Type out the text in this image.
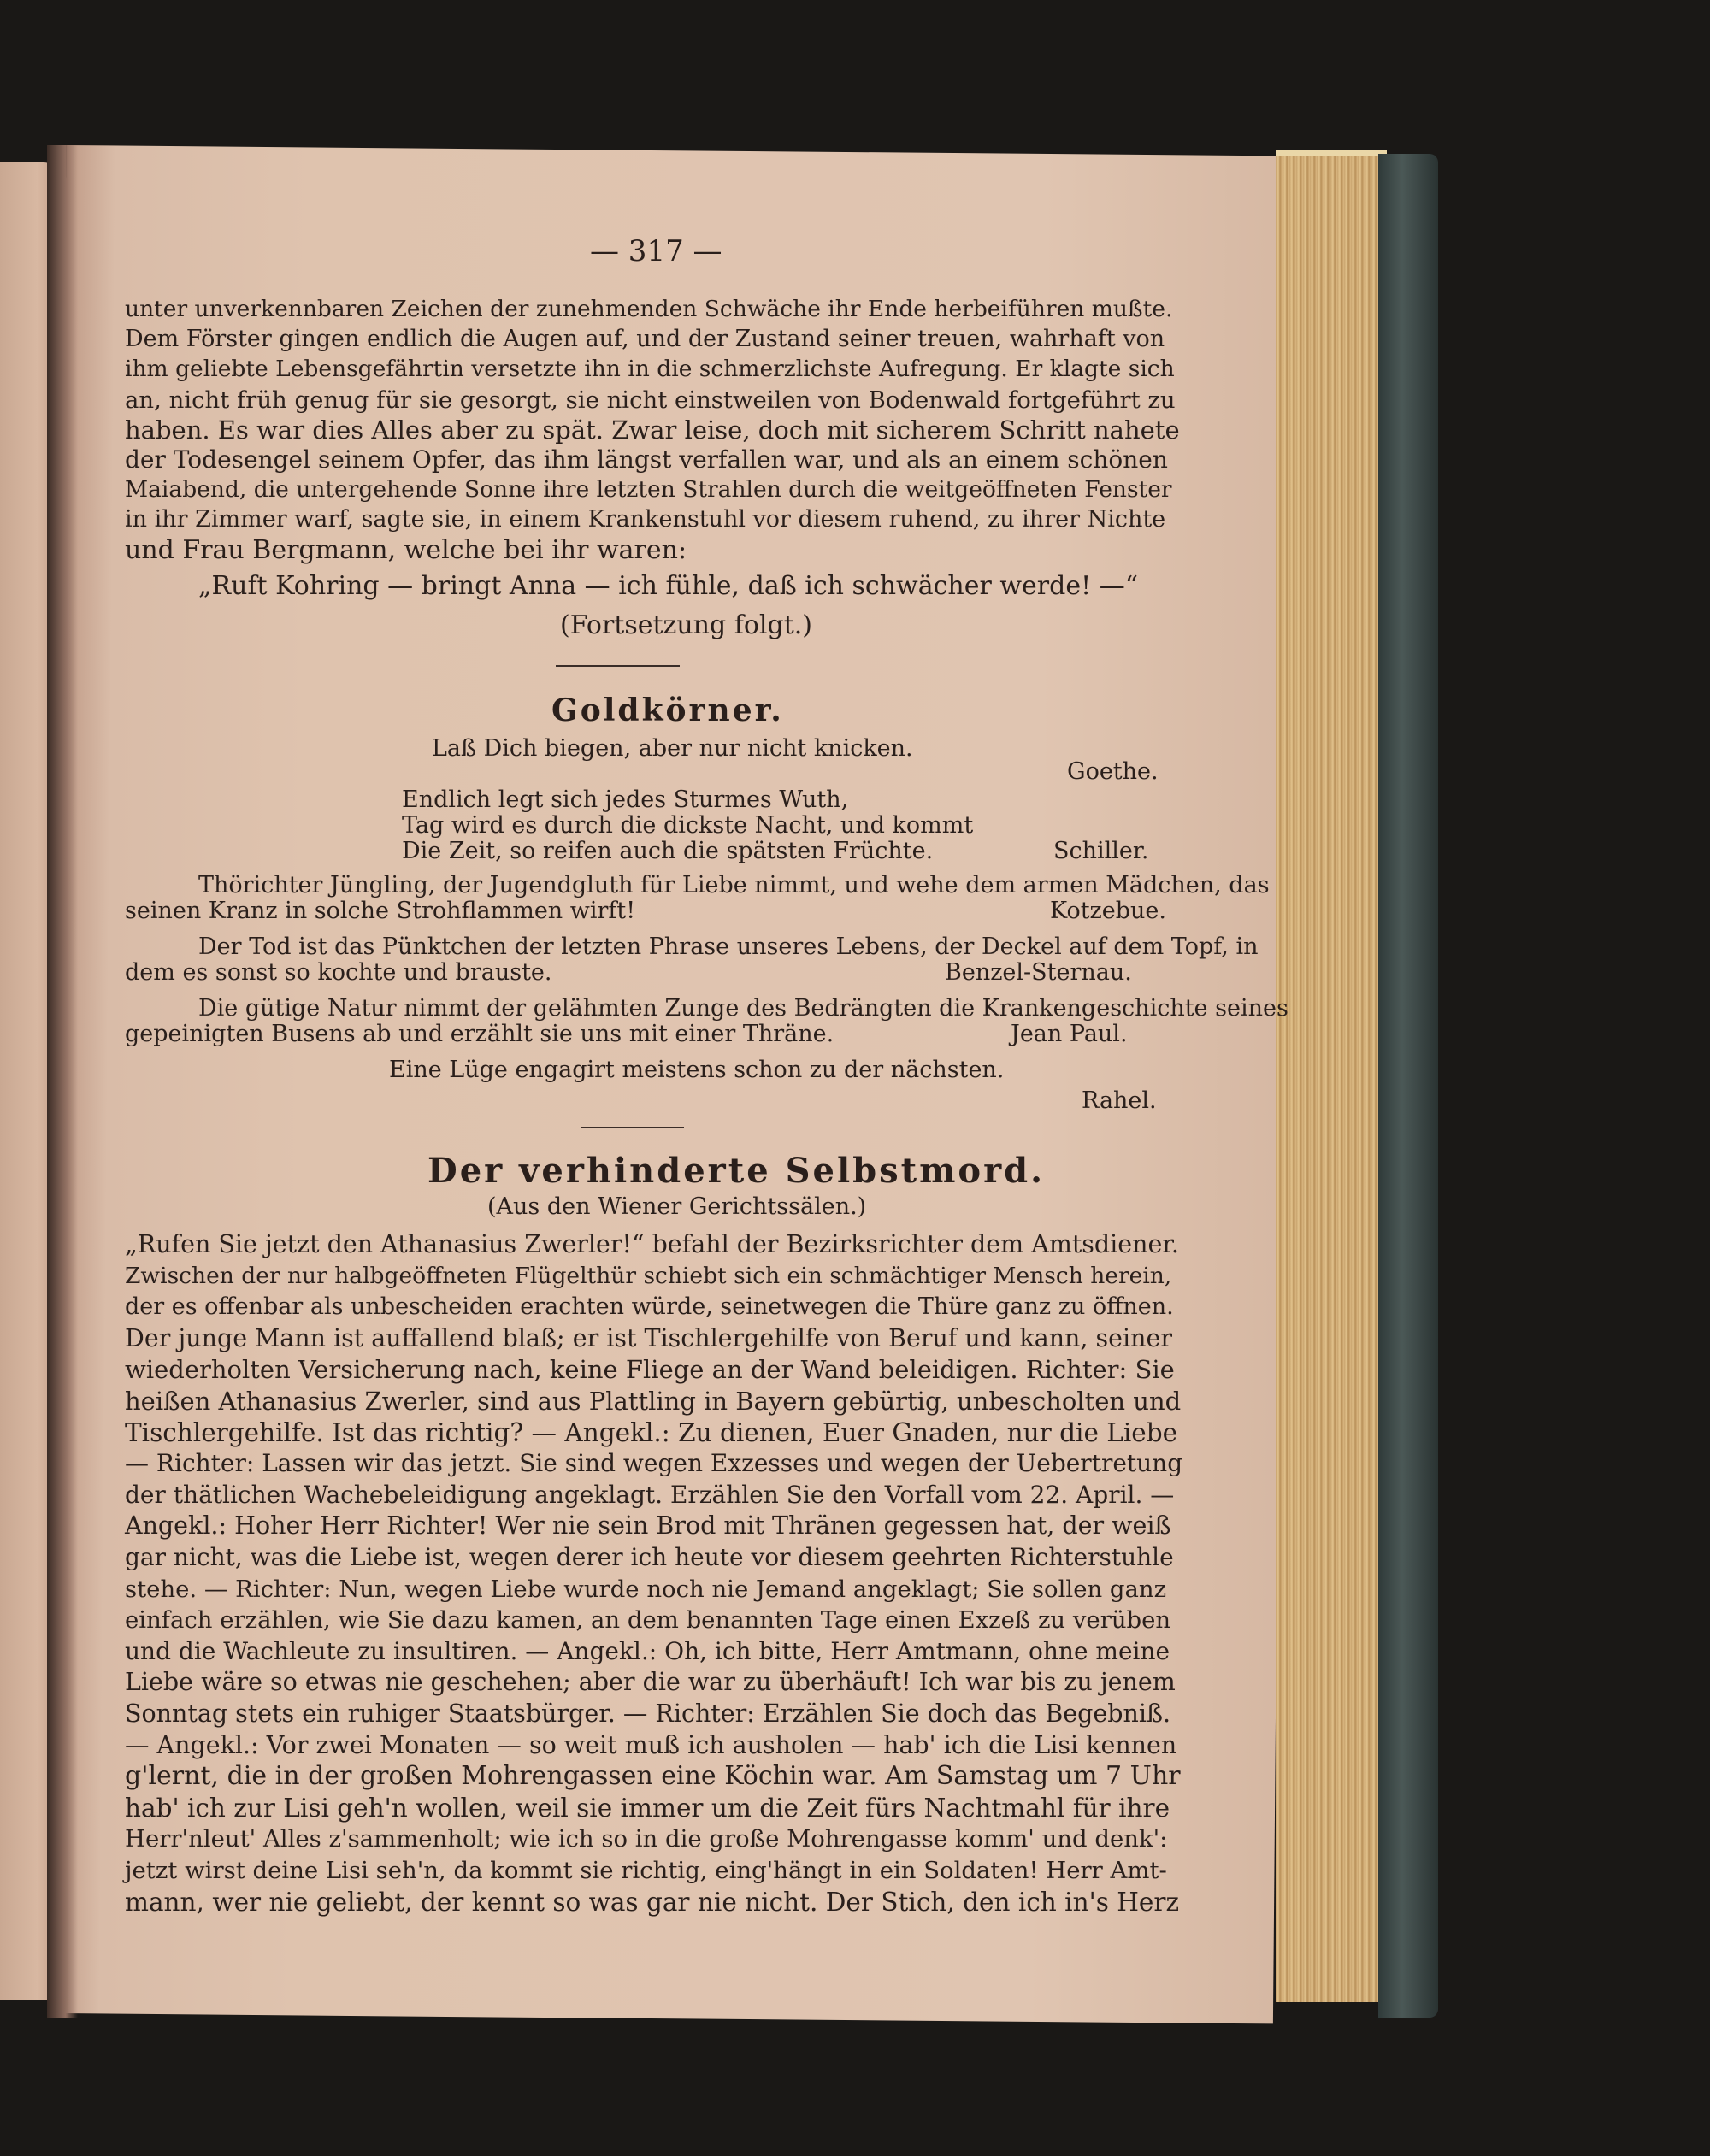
— 317 —
unter unverkennbaren Zeichen der zunehmenden Schwäche ihr Ende herbeiführen mußte.
Dem Förster gingen endlich die Augen auf, und der Zustand seiner treuen, wahrhaft von
ihm geliebte Lebensgefährtin versetzte ihn in die schmerzlichste Aufregung. Er klagte sich
an, nicht früh genug für sie gesorgt, sie nicht einstweilen von Bodenwald fortgeführt zu
haben. Es war dies Alles aber zu spät. Zwar leise, doch mit sicherem Schritt nahete
der Todesengel seinem Opfer, das ihm längst verfallen war, und als an einem schönen
Maiabend, die untergehende Sonne ihre letzten Strahlen durch die weitgeöffneten Fenster
in ihr Zimmer warf, sagte sie, in einem Krankenstuhl vor diesem ruhend, zu ihrer Nichte
und Frau Bergmann, welche bei ihr waren:
„Ruft Kohring — bringt Anna — ich fühle, daß ich schwächer werde! —“
(Fortsetzung folgt.)
Goldkörner.
Laß Dich biegen, aber nur nicht knicken.
Goethe.
Endlich legt sich jedes Sturmes Wuth,
Tag wird es durch die dickste Nacht, und kommt
Die Zeit, so reifen auch die spätsten Früchte.	Schiller.
Thörichter Jüngling, der Jugendgluth für Liebe nimmt, und wehe dem armen Mädchen, das
seinen Kranz in solche Strohflammen wirft!	Kotzebue.
Der Tod ist das Pünktchen der letzten Phrase unseres Lebens, der Deckel auf dem Topf, in
dem es sonst so kochte und brauste.	Benzel-Sternau.
Die gütige Natur nimmt der gelähmten Zunge des Bedrängten die Krankengeschichte seines
gepeinigten Busens ab und erzählt sie uns mit einer Thräne.	Jean Paul.
Eine Lüge engagirt meistens schon zu der nächsten.
Rahel.
Der verhinderte Selbstmord.
(Aus den Wiener Gerichtssälen.)
„Rufen Sie jetzt den Athanasius Zwerler!“ befahl der Bezirksrichter dem Amtsdiener.
Zwischen der nur halbgeöffneten Flügelthür schiebt sich ein schmächtiger Mensch herein,
der es offenbar als unbescheiden erachten würde, seinetwegen die Thüre ganz zu öffnen.
Der junge Mann ist auffallend blaß; er ist Tischlergehilfe von Beruf und kann, seiner
wiederholten Versicherung nach, keine Fliege an der Wand beleidigen. Richter: Sie
heißen Athanasius Zwerler, sind aus Plattling in Bayern gebürtig, unbescholten und
Tischlergehilfe. Ist das richtig? — Angekl.: Zu dienen, Euer Gnaden, nur die Liebe
— Richter: Lassen wir das jetzt. Sie sind wegen Exzesses und wegen der Uebertretung
der thätlichen Wachebeleidigung angeklagt. Erzählen Sie den Vorfall vom 22. April. —
Angekl.: Hoher Herr Richter! Wer nie sein Brod mit Thränen gegessen hat, der weiß
gar nicht, was die Liebe ist, wegen derer ich heute vor diesem geehrten Richterstuhle
stehe. — Richter: Nun, wegen Liebe wurde noch nie Jemand angeklagt; Sie sollen ganz
einfach erzählen, wie Sie dazu kamen, an dem benannten Tage einen Exzeß zu verüben
und die Wachleute zu insultiren. — Angekl.: Oh, ich bitte, Herr Amtmann, ohne meine
Liebe wäre so etwas nie geschehen; aber die war zu überhäuft! Ich war bis zu jenem
Sonntag stets ein ruhiger Staatsbürger. — Richter: Erzählen Sie doch das Begebniß.
— Angekl.: Vor zwei Monaten — so weit muß ich ausholen — hab' ich die Lisi kennen
g'lernt, die in der großen Mohrengassen eine Köchin war. Am Samstag um 7 Uhr
hab' ich zur Lisi geh'n wollen, weil sie immer um die Zeit fürs Nachtmahl für ihre
Herr'nleut' Alles z'sammenholt; wie ich so in die große Mohrengasse komm' und denk':
jetzt wirst deine Lisi seh'n, da kommt sie richtig, eing'hängt in ein Soldaten! Herr Amt-
mann, wer nie geliebt, der kennt so was gar nie nicht. Der Stich, den ich in's Herz
